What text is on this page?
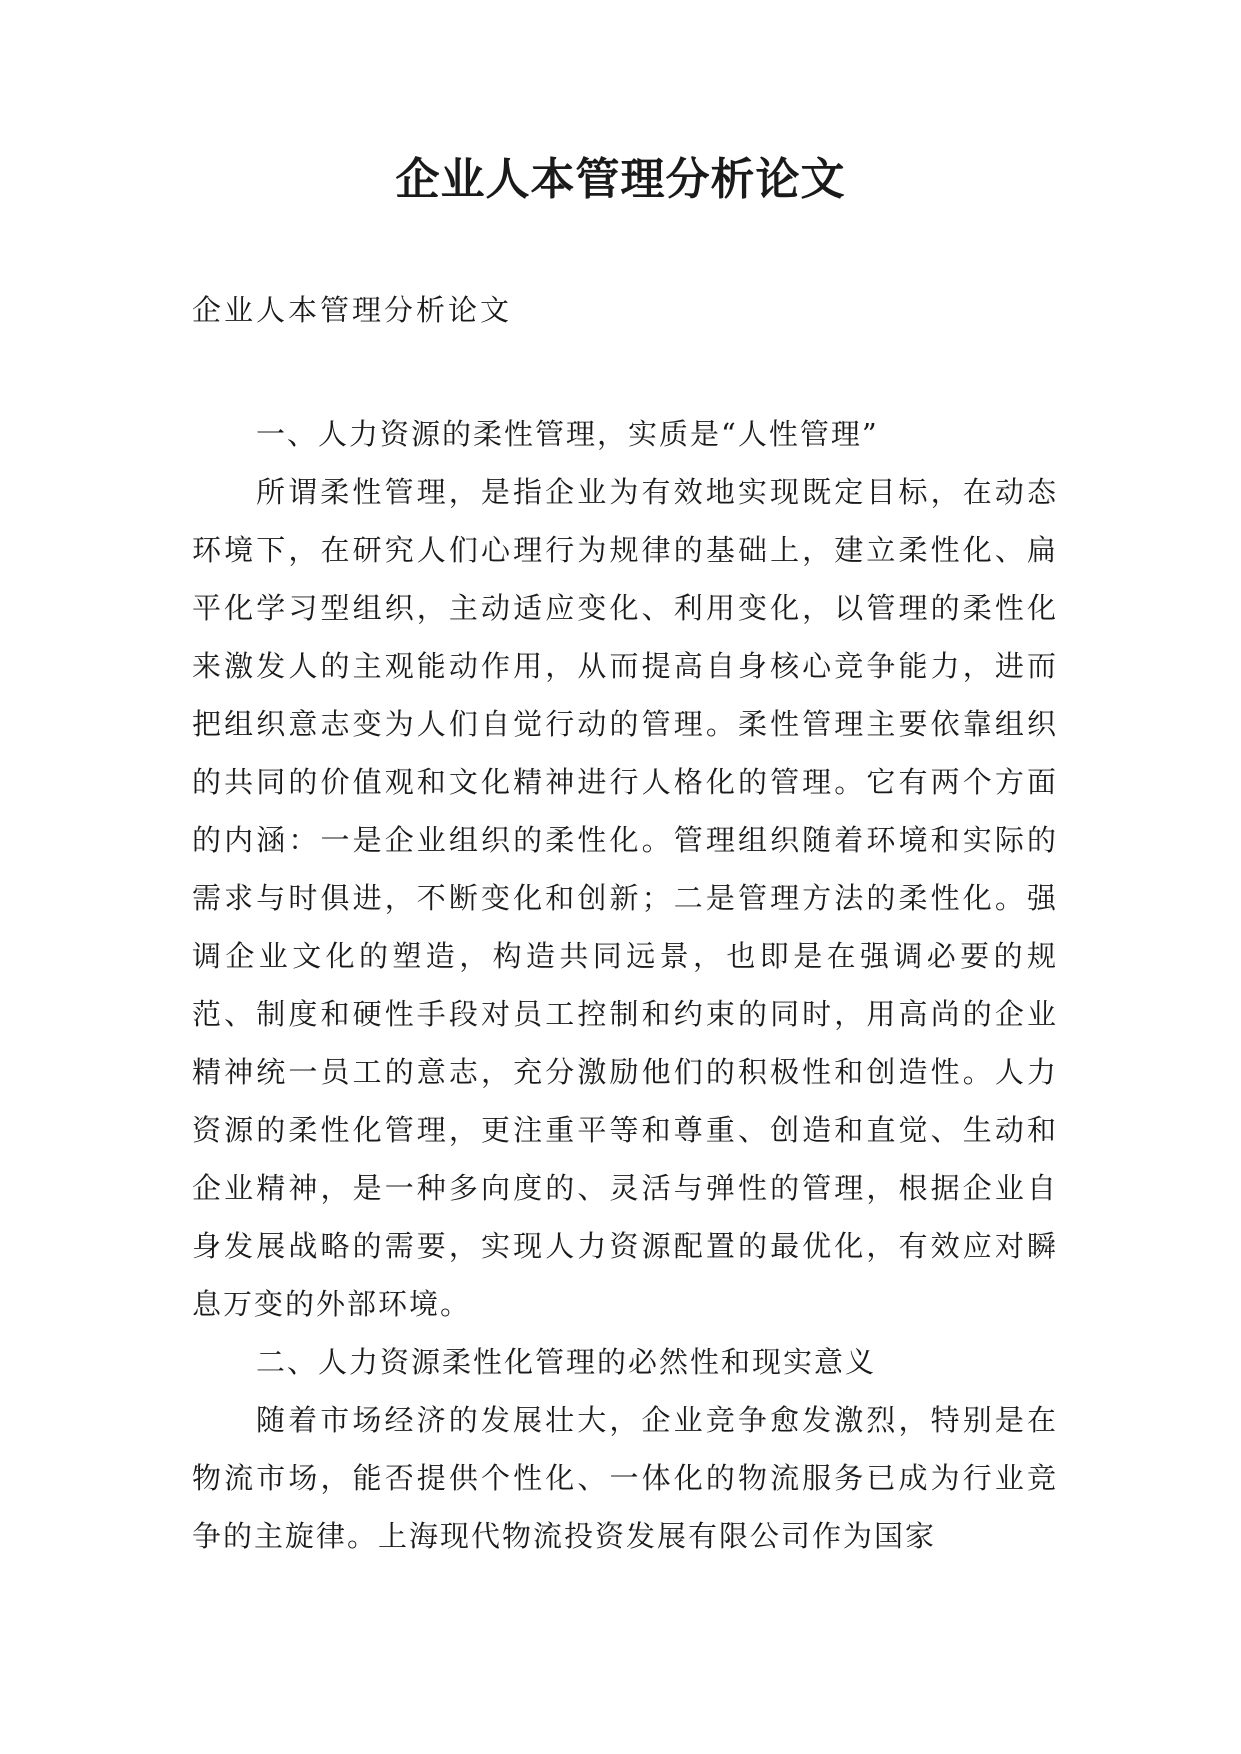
企业人本管理分析论文

企业人本管理分析论文

一、人力资源的柔性管理，实质是“人性管理”

所谓柔性管理，是指企业为有效地实现既定目标，在动态环境下，在研究人们心理行为规律的基础上，建立柔性化、扁平化学习型组织，主动适应变化、利用变化，以管理的柔性化来激发人的主观能动作用，从而提高自身核心竞争能力，进而把组织意志变为人们自觉行动的管理。柔性管理主要依靠组织的共同的价值观和文化精神进行人格化的管理。它有两个方面的内涵：一是企业组织的柔性化。管理组织随着环境和实际的需求与时俱进，不断变化和创新；二是管理方法的柔性化。强调企业文化的塑造，构造共同远景，也即是在强调必要的规范、制度和硬性手段对员工控制和约束的同时，用高尚的企业精神统一员工的意志，充分激励他们的积极性和创造性。人力资源的柔性化管理，更注重平等和尊重、创造和直觉、生动和企业精神，是一种多向度的、灵活与弹性的管理，根据企业自身发展战略的需要，实现人力资源配置的最优化，有效应对瞬息万变的外部环境。

二、人力资源柔性化管理的必然性和现实意义

随着市场经济的发展壮大，企业竞争愈发激烈，特别是在物流市场，能否提供个性化、一体化的物流服务已成为行业竞争的主旋律。上海现代物流投资发展有限公司作为国家
